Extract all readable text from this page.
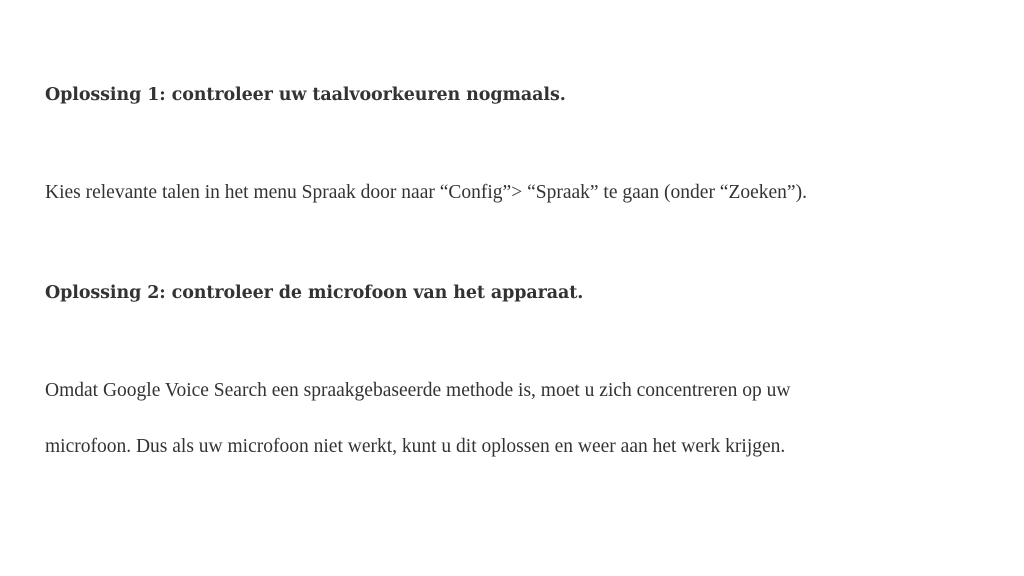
Oplossing 1: controleer uw taalvoorkeuren nogmaals.
Kies relevante talen in het menu Spraak door naar “Config”> “Spraak” te gaan (onder “Zoeken”).
Oplossing 2: controleer de microfoon van het apparaat.
Omdat Google Voice Search een spraakgebaseerde methode is, moet u zich concentreren op uw
microfoon. Dus als uw microfoon niet werkt, kunt u dit oplossen en weer aan het werk krijgen.
